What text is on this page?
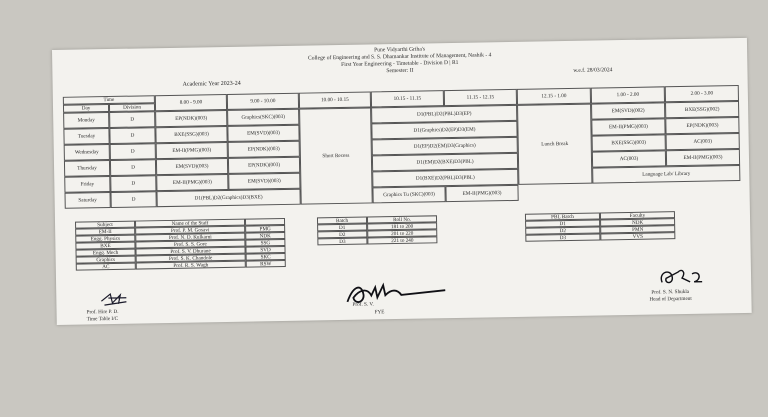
Pune Vidyarthi Griha's
College of Engineering and S. S. Dhamankar Institute of Management, Nashik - 4
First Year Engineering - Timetable - Division D | R1
Semester: II	w.e.f. 28/03/2024
Academic Year 2023-24
Time
Day	Division
8.00 - 9.00	9.00 - 10.00	10.00 - 10.15	10.15 - 11.15	11.15 - 12.15	12.15 - 1.00	1.00 - 2.00	2.00 - 3.00
Short Recess
Lunch Break
Monday	D	EP(NDK)(003)	Graphics(SKC)(003)	D1(PBL)D2(PBL)D3(EP)	EM(SVD)(002)	BXE(SSG)(002)
Tuesday	D	BXE(SSG)(003)	EM(SVD)(003)	D1(Graphics)D2(EP)D3(EM)	EM-II(PMG)(003)	EP(NDK)(003)
Wednesday	D	EM-II(PMG)(003)	EP(NDK)(003)	D1(EP)D2(EM)D3(Graphics)	BXE(SSG)(003)	AC(003)
Thursday	D	EM(SVD)(003)	EP(NDK)(003)	D1(EM)D2(BXE)D3(PBL)	AC(003)	EM-II(PMG)(003)
Friday	D	EM-II(PMG)(003)	EM(SVD)(003)	D1(BXE)D2(PBL)D3(PBL)
Language Lab/ Library
Saturday	D	D1(PBL)D2(Graphics)D3(BXE)	Graphics Tu (SKC)(003)	EM-II(PMG)(003)
Subject	Name of the Staff
EM-II	Prof. P. M. Gosavi	PMG
Engg. Physics	Prof. N. D. Kulkarni	NDK
BXE	Prof. S. S. Gore	SSG
Engg. Mech	Prof. S. V. Dhurane	SVD
Graphics	Prof. S. K. Chandole	SKC
AC	Prof. R. S. Wagh	RSW
Batch	Roll No.
D1	181 to 200
D2	201 to 220
D3	221 to 240
PBL Batch	Faculty
D1	NDK
D2	PMN
D3	VVS
Prof. Hire P. D.
Time Table I/C
Prof. S. V.
FYE
Prof. S. N. Shukla
Head of Department
